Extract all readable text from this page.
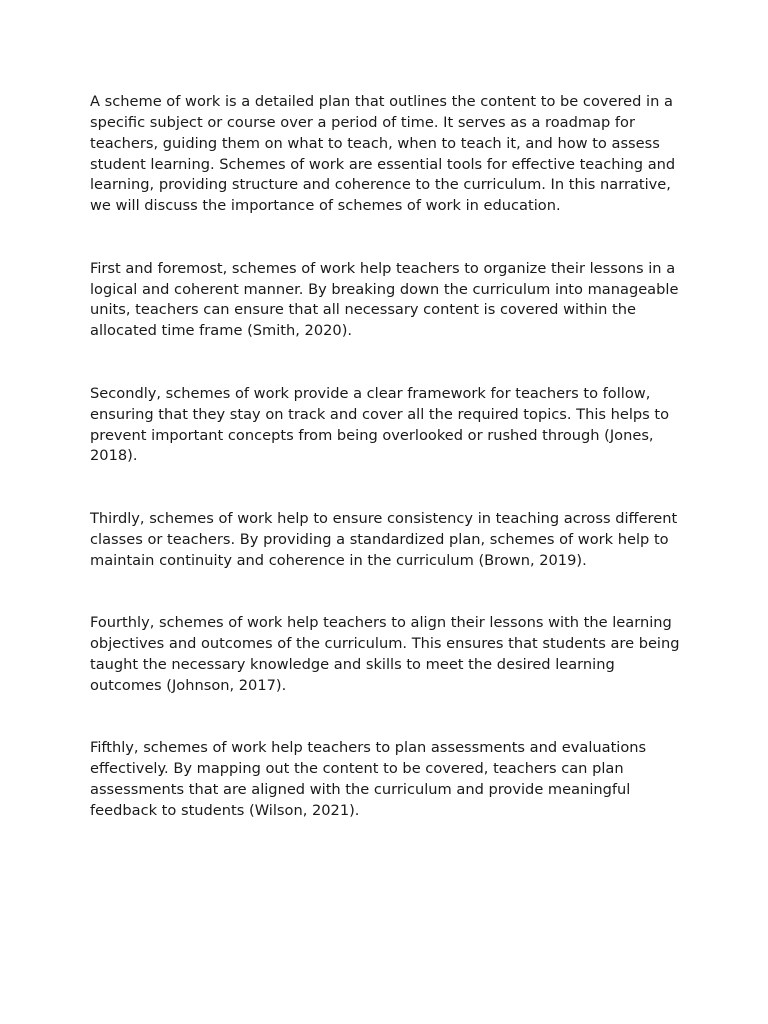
A scheme of work is a detailed plan that outlines the content to be covered in a specific subject or course over a period of time. It serves as a roadmap for teachers, guiding them on what to teach, when to teach it, and how to assess student learning. Schemes of work are essential tools for effective teaching and learning, providing structure and coherence to the curriculum. In this narrative, we will discuss the importance of schemes of work in education.

First and foremost, schemes of work help teachers to organize their lessons in a logical and coherent manner. By breaking down the curriculum into manageable units, teachers can ensure that all necessary content is covered within the allocated time frame (Smith, 2020).

Secondly, schemes of work provide a clear framework for teachers to follow, ensuring that they stay on track and cover all the required topics. This helps to prevent important concepts from being overlooked or rushed through (Jones, 2018).

Thirdly, schemes of work help to ensure consistency in teaching across different classes or teachers. By providing a standardized plan, schemes of work help to maintain continuity and coherence in the curriculum (Brown, 2019).

Fourthly, schemes of work help teachers to align their lessons with the learning objectives and outcomes of the curriculum. This ensures that students are being taught the necessary knowledge and skills to meet the desired learning outcomes (Johnson, 2017).

Fifthly, schemes of work help teachers to plan assessments and evaluations effectively. By mapping out the content to be covered, teachers can plan assessments that are aligned with the curriculum and provide meaningful feedback to students (Wilson, 2021).
